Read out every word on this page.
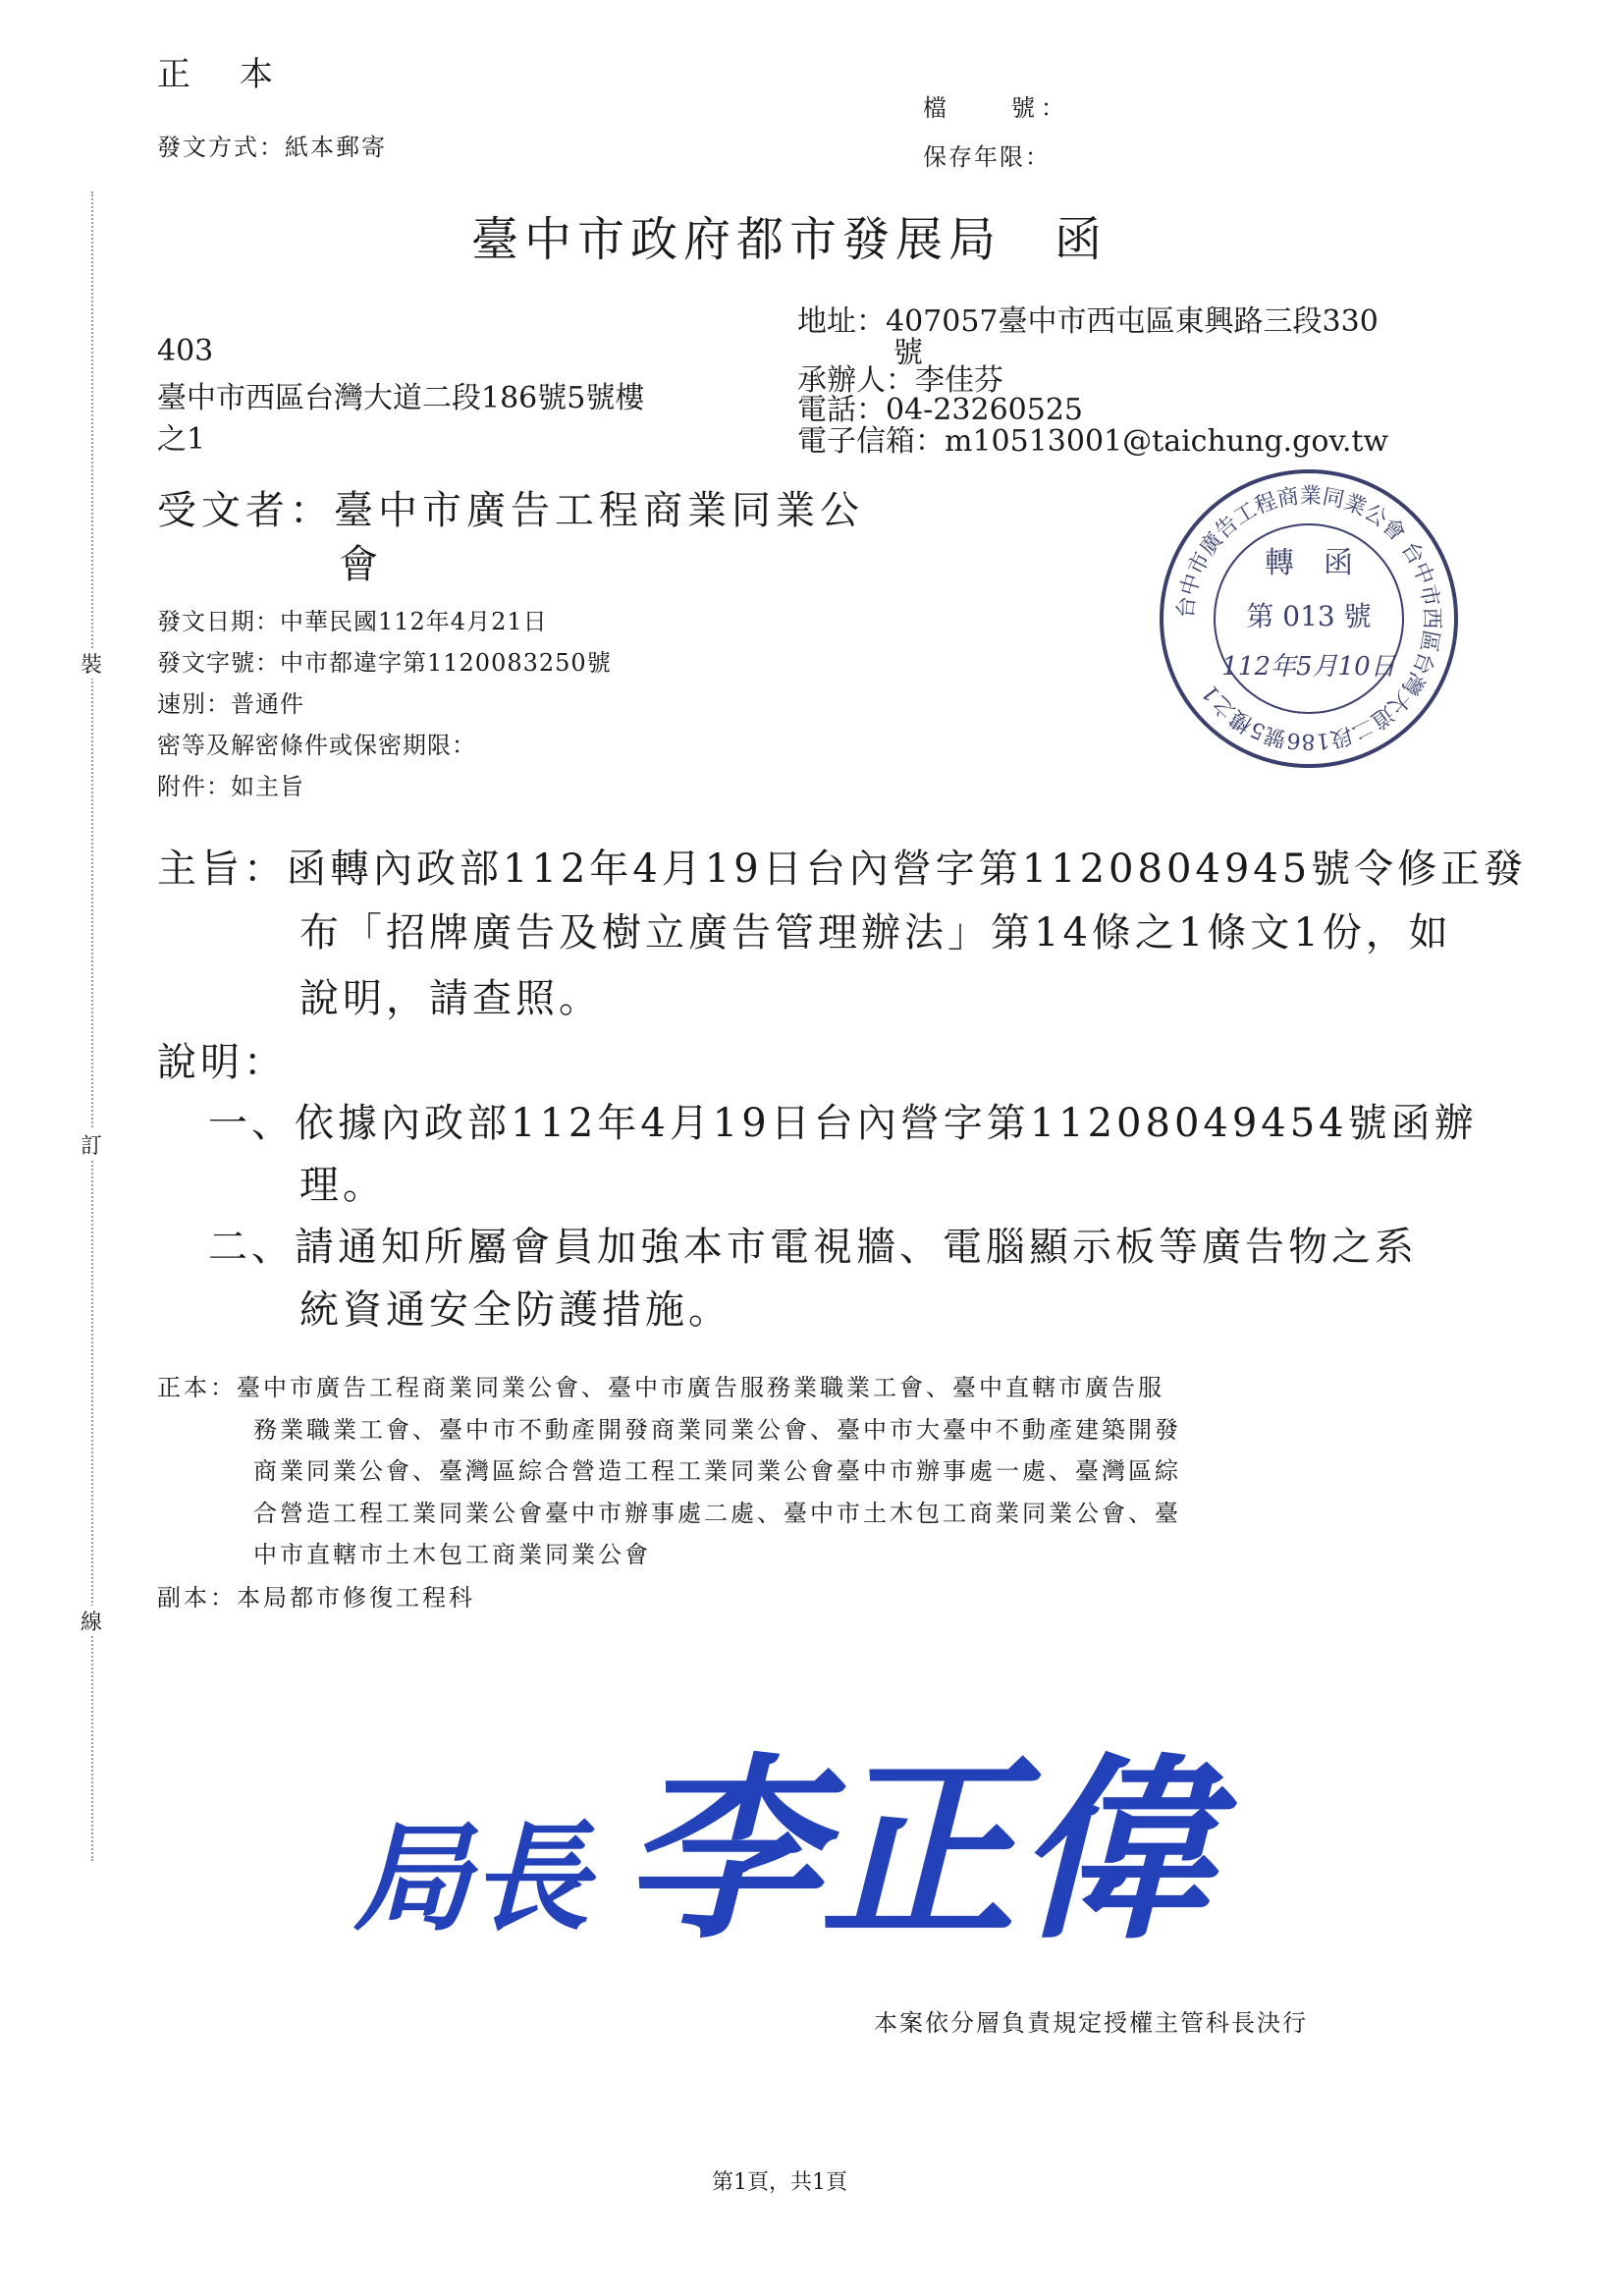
正　本
檔　　號：
保存年限：
發文方式：紙本郵寄
臺中市政府都市發展局　函
裝
訂
線
地址：407057臺中市西屯區東興路三段330
號
承辦人：李佳芬
電話：04-23260525
電子信箱：m10513001@taichung.gov.tw
403
臺中市西區台灣大道二段186號5號樓
之1
受文者：臺中市廣告工程商業同業公
會
發文日期：中華民國112年4月21日
發文字號：中市都違字第1120083250號
速別：普通件
密等及解密條件或保密期限：
附件：如主旨
台中市廣告工程商業同業公會 台中市西區台灣大道二段186號5樓之1
轉　函
第 013 號
112年5月10日
主旨：函轉內政部112年4月19日台內營字第1120804945號令修正發
布「招牌廣告及樹立廣告管理辦法」第14條之1條文1份，如
說明，請查照。
說明：
一、依據內政部112年4月19日台內營字第11208049454號函辦
理。
二、請通知所屬會員加強本市電視牆、電腦顯示板等廣告物之系
統資通安全防護措施。
正本：臺中市廣告工程商業同業公會、臺中市廣告服務業職業工會、臺中直轄市廣告服
務業職業工會、臺中市不動產開發商業同業公會、臺中市大臺中不動產建築開發
商業同業公會、臺灣區綜合營造工程工業同業公會臺中市辦事處一處、臺灣區綜
合營造工程工業同業公會臺中市辦事處二處、臺中市土木包工商業同業公會、臺
中市直轄市土木包工商業同業公會
副本：本局都市修復工程科
局長 李正偉
本案依分層負責規定授權主管科長決行
第1頁，共1頁
